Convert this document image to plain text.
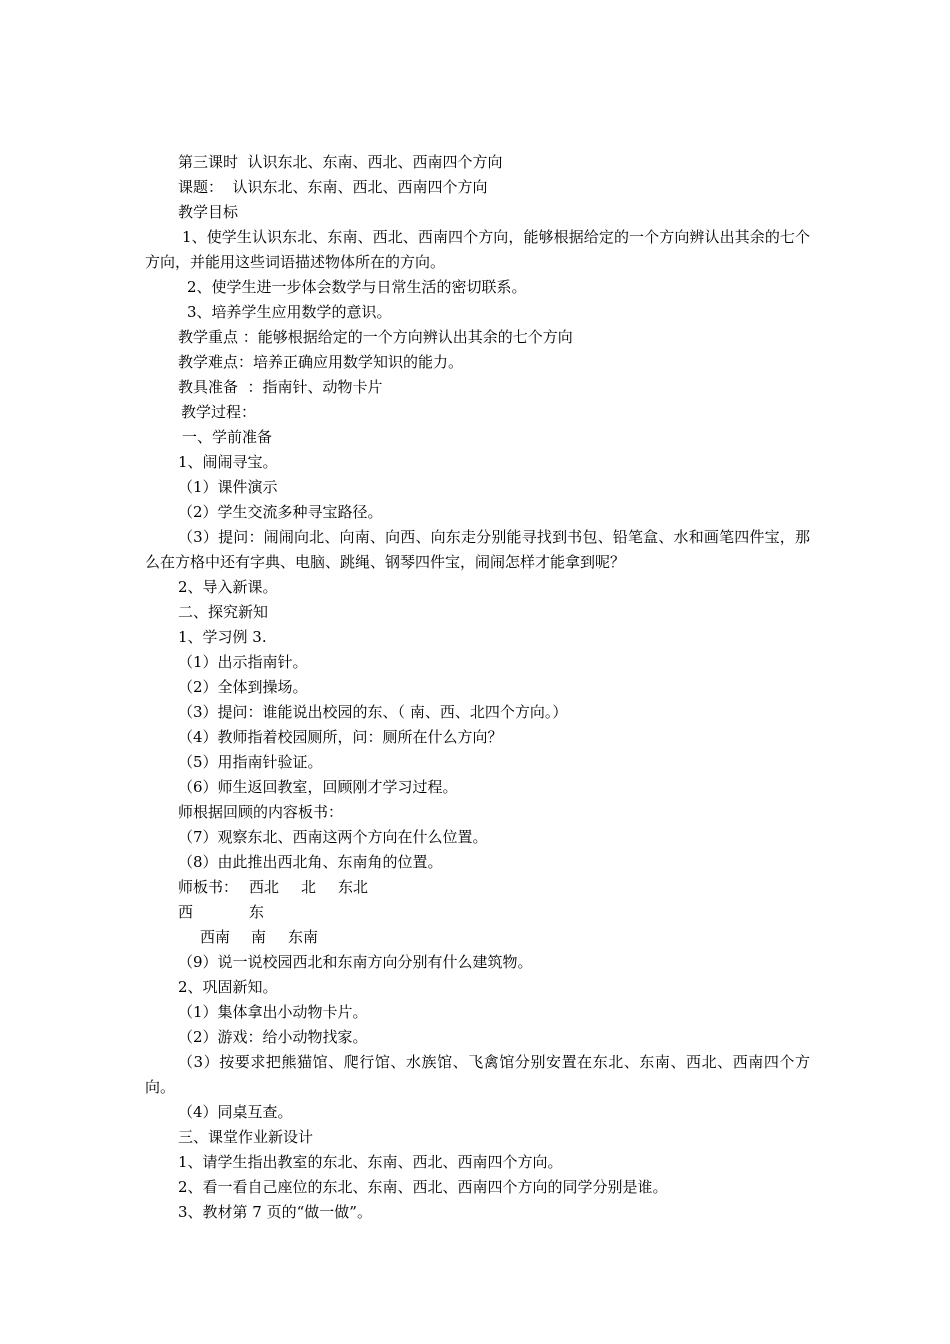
第三课时  认识东北、东南、西北、西南四个方向
课题：  认识东北、东南、西北、西南四个方向
教学目标
1、使学生认识东北、东南、西北、西南四个方向，能够根据给定的一个方向辨认出其余的七个方向，并能用这些词语描述物体所在的方向。
2、使学生进一步体会数学与日常生活的密切联系。
3、培养学生应用数学的意识。
教学重点 ：能够根据给定的一个方向辨认出其余的七个方向
教学难点：培养正确应用数学知识的能力。
教具准备  ：指南针、动物卡片
教学过程：
一、学前准备
1、闹闹寻宝。
（1）课件演示
（2）学生交流多种寻宝路径。
（3）提问：闹闹向北、向南、向西、向东走分别能寻找到书包、铅笔盒、水和画笔四件宝，那么在方格中还有字典、电脑、跳绳、钢琴四件宝，闹闹怎样才能拿到呢？
2、导入新课。
二、探究新知
1、学习例 3.
（1）出示指南针。
（2）全体到操场。
（3）提问：谁能说出校园的东、（ 南、西、北四个方向。）
（4）教师指着校园厕所，问：厕所在什么方向？
（5）用指南针验证。
（6）师生返回教室，回顾刚才学习过程。
师根据回顾的内容板书：
（7）观察东北、西南这两个方向在什么位置。
（8）由此推出西北角、东南角的位置。

师板书：

西北

北

东北

西

	东

西南

南

东南

（9）说一说校园西北和东南方向分别有什么建筑物。
2、巩固新知。
（1）集体拿出小动物卡片。
（2）游戏：给小动物找家。
（3）按要求把熊猫馆、爬行馆、水族馆、飞禽馆分别安置在东北、东南、西北、西南四个方向。
（4）同桌互查。
三、课堂作业新设计
1、请学生指出教室的东北、东南、西北、西南四个方向。
2、看一看自己座位的东北、东南、西北、西南四个方向的同学分别是谁。
3、教材第 7 页的“做一做”。
